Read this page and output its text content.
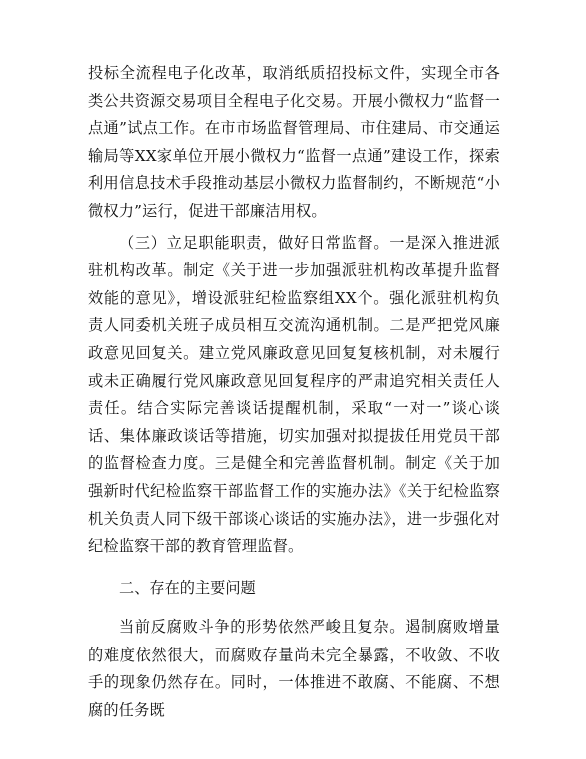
投标全流程电子化改革，取消纸质招投标文件，实现全市各类公共资源交易项目全程电子化交易。开展小微权力“监督一点通”试点工作。在市市场监督管理局、市住建局、市交通运输局等XX家单位开展小微权力“监督一点通”建设工作，探索利用信息技术手段推动基层小微权力监督制约，不断规范“小微权力”运行，促进干部廉洁用权。

（三）立足职能职责，做好日常监督。一是深入推进派驻机构改革。制定《关于进一步加强派驻机构改革提升监督效能的意见》，增设派驻纪检监察组XX个。强化派驻机构负责人同委机关班子成员相互交流沟通机制。二是严把党风廉政意见回复关。建立党风廉政意见回复复核机制，对未履行或未正确履行党风廉政意见回复程序的严肃追究相关责任人责任。结合实际完善谈话提醒机制，采取“一对一”谈心谈话、集体廉政谈话等措施，切实加强对拟提拔任用党员干部的监督检查力度。三是健全和完善监督机制。制定《关于加强新时代纪检监察干部监督工作的实施办法》《关于纪检监察机关负责人同下级干部谈心谈话的实施办法》，进一步强化对纪检监察干部的教育管理监督。

二、存在的主要问题

当前反腐败斗争的形势依然严峻且复杂。遏制腐败增量的难度依然很大，而腐败存量尚未完全暴露，不收敛、不收手的现象仍然存在。同时，一体推进不敢腐、不能腐、不想腐的任务既
